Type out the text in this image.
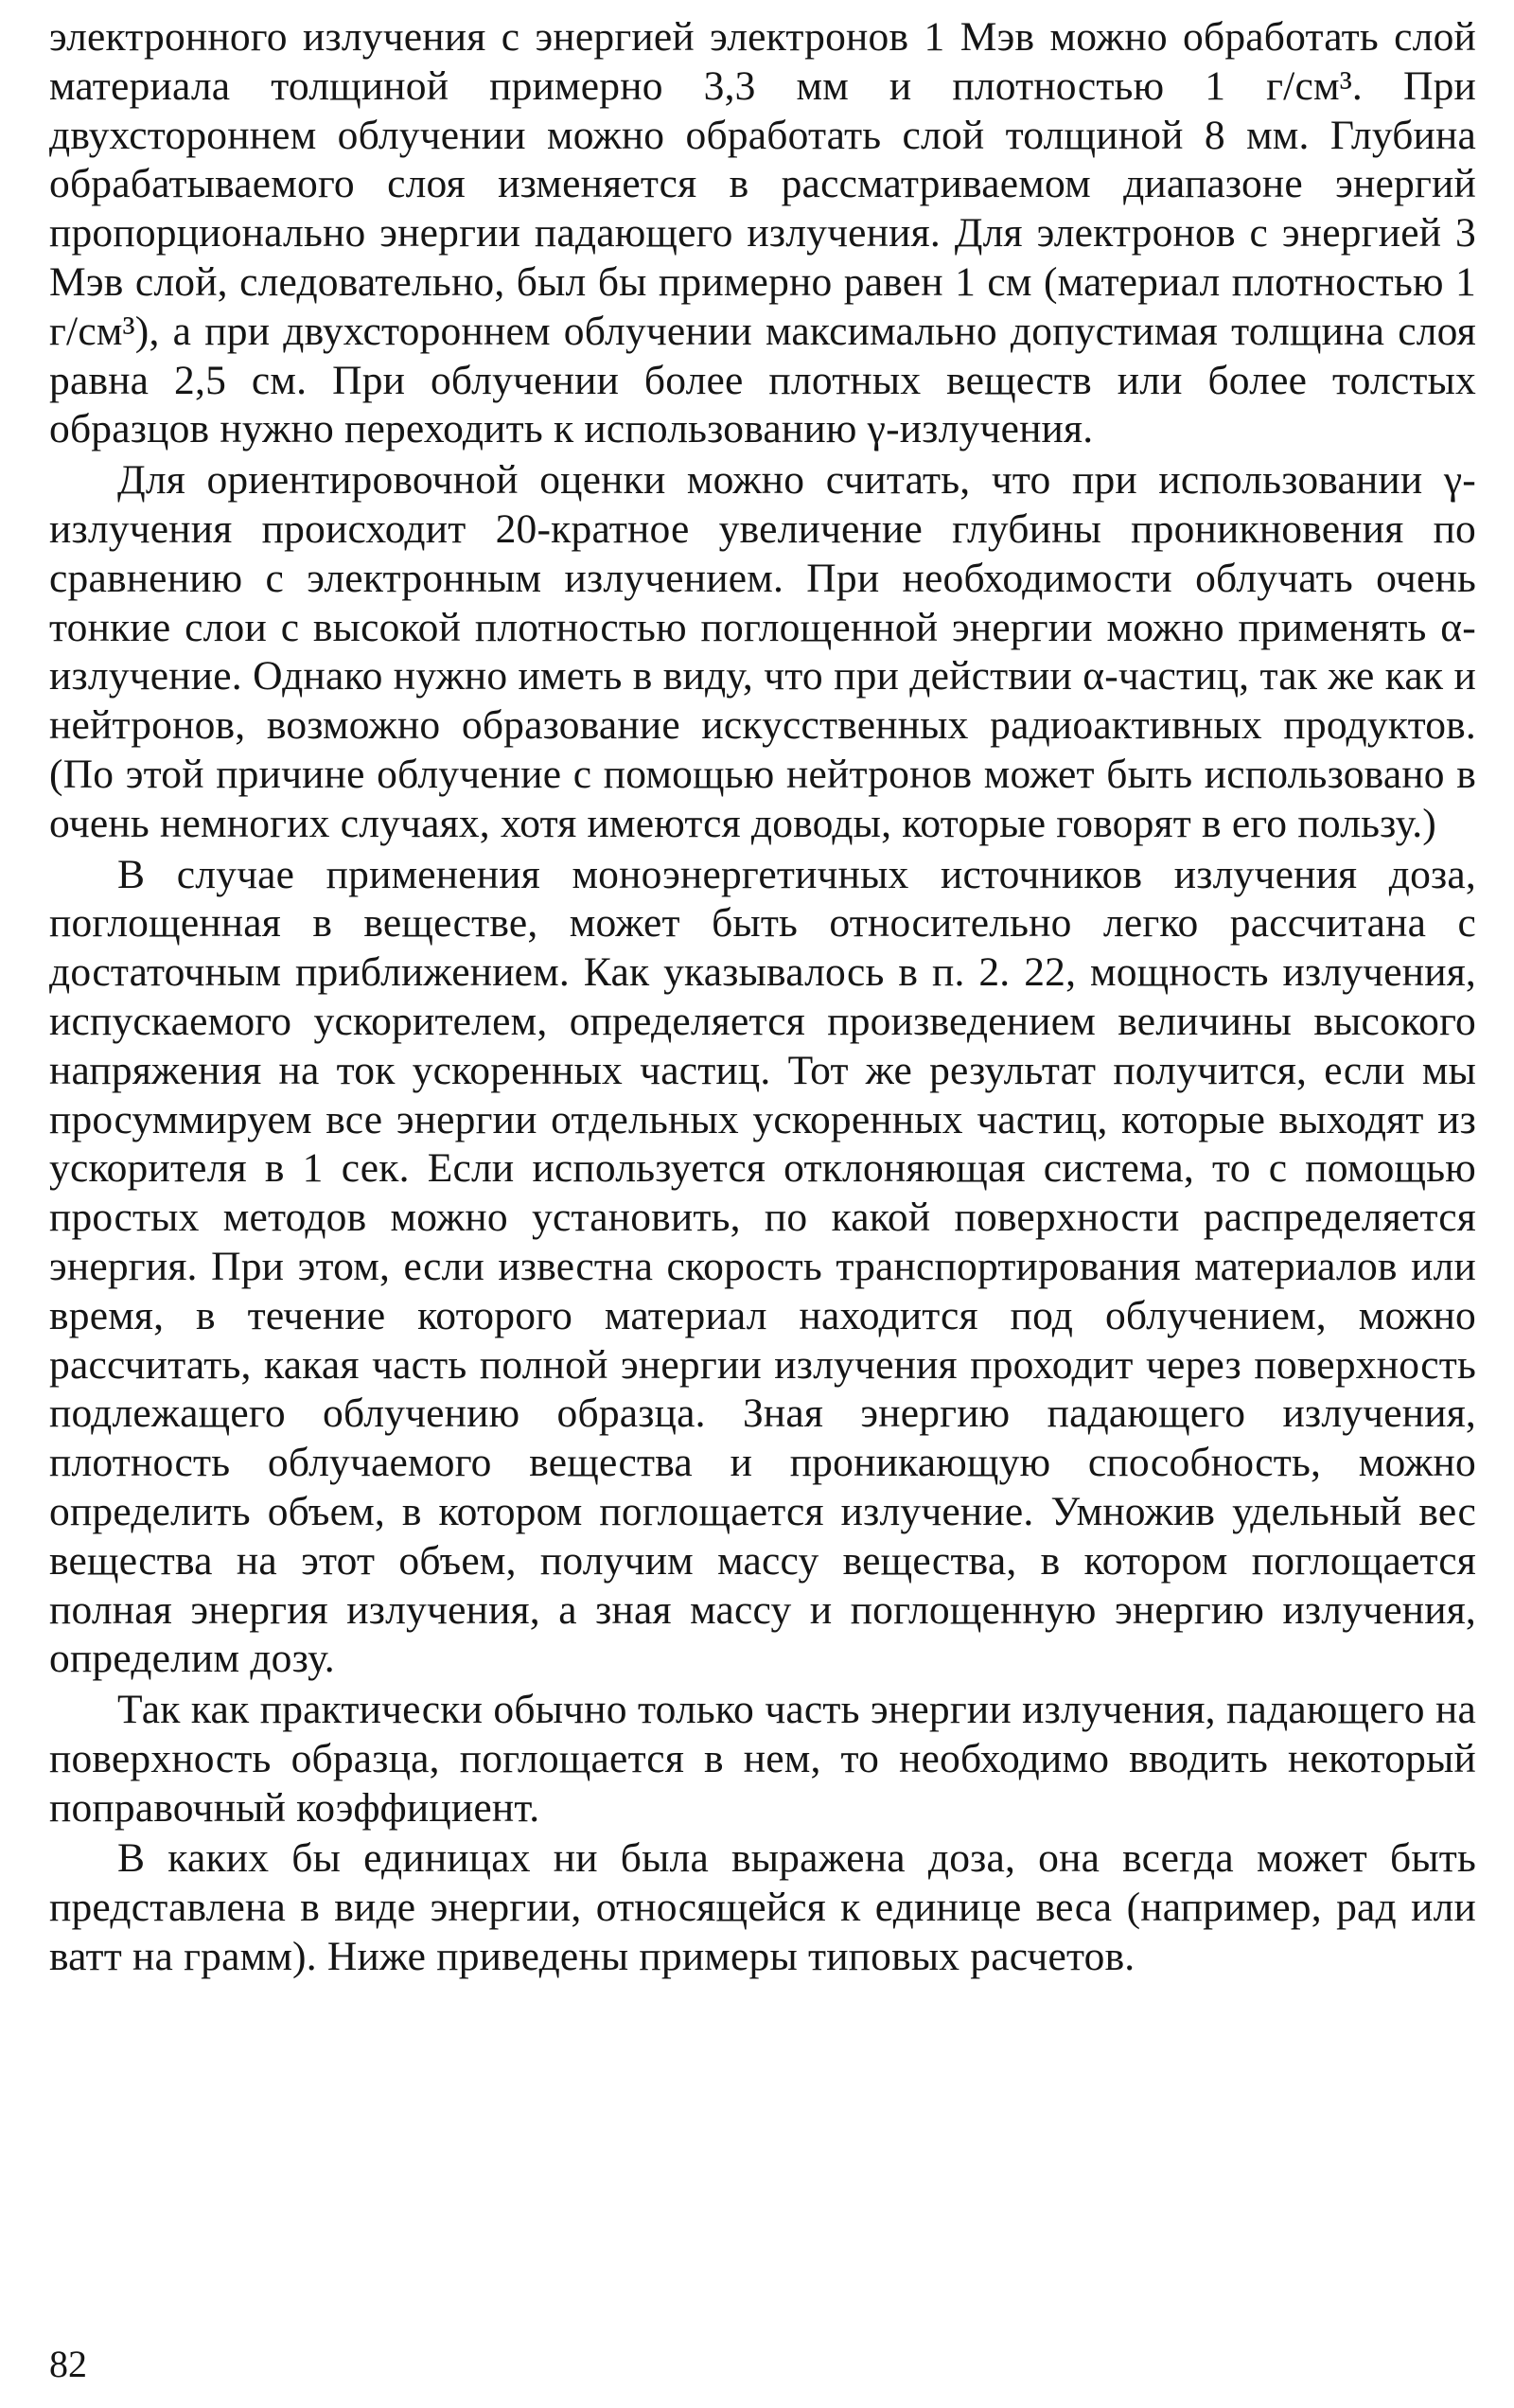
электронного излучения с энергией электронов 1 Мэв можно обработать слой материала толщиной примерно 3,3 мм и плотностью 1 г/см³. При двухстороннем облучении можно обработать слой толщиной 8 мм. Глубина обрабатываемого слоя изменяется в рассматриваемом диапазоне энергий пропорционально энергии падающего излучения. Для электронов с энергией 3 Мэв слой, следовательно, был бы примерно равен 1 см (материал плотностью 1 г/см³), а при двухстороннем облучении максимально допустимая толщина слоя равна 2,5 см. При облучении более плотных веществ или более толстых образцов нужно переходить к использованию γ-излучения.

Для ориентировочной оценки можно считать, что при использовании γ-излучения происходит 20-кратное увеличение глубины проникновения по сравнению с электронным излучением. При необходимости облучать очень тонкие слои с высокой плотностью поглощенной энергии можно применять α-излучение. Однако нужно иметь в виду, что при действии α-частиц, так же как и нейтронов, возможно образование искусственных радиоактивных продуктов. (По этой причине облучение с помощью нейтронов может быть использовано в очень немногих случаях, хотя имеются доводы, которые говорят в его пользу.)

В случае применения моноэнергетичных источников излучения доза, поглощенная в веществе, может быть относительно легко рассчитана с достаточным приближением. Как указывалось в п. 2. 22, мощность излучения, испускаемого ускорителем, определяется произведением величины высокого напряжения на ток ускоренных частиц. Тот же результат получится, если мы просуммируем все энергии отдельных ускоренных частиц, которые выходят из ускорителя в 1 сек. Если используется отклоняющая система, то с помощью простых методов можно установить, по какой поверхности распределяется энергия. При этом, если известна скорость транспортирования материалов или время, в течение которого материал находится под облучением, можно рассчитать, какая часть полной энергии излучения проходит через поверхность подлежащего облучению образца. Зная энергию падающего излучения, плотность облучаемого вещества и проникающую способность, можно определить объем, в котором поглощается излучение. Умножив удельный вес вещества на этот объем, получим массу вещества, в котором поглощается полная энергия излучения, а зная массу и поглощенную энергию излучения, определим дозу.

Так как практически обычно только часть энергии излучения, падающего на поверхность образца, поглощается в нем, то необходимо вводить некоторый поправочный коэффициент.

В каких бы единицах ни была выражена доза, она всегда может быть представлена в виде энергии, относящейся к единице веса (например, рад или ватт на грамм). Ниже приведены примеры типовых расчетов.

82
